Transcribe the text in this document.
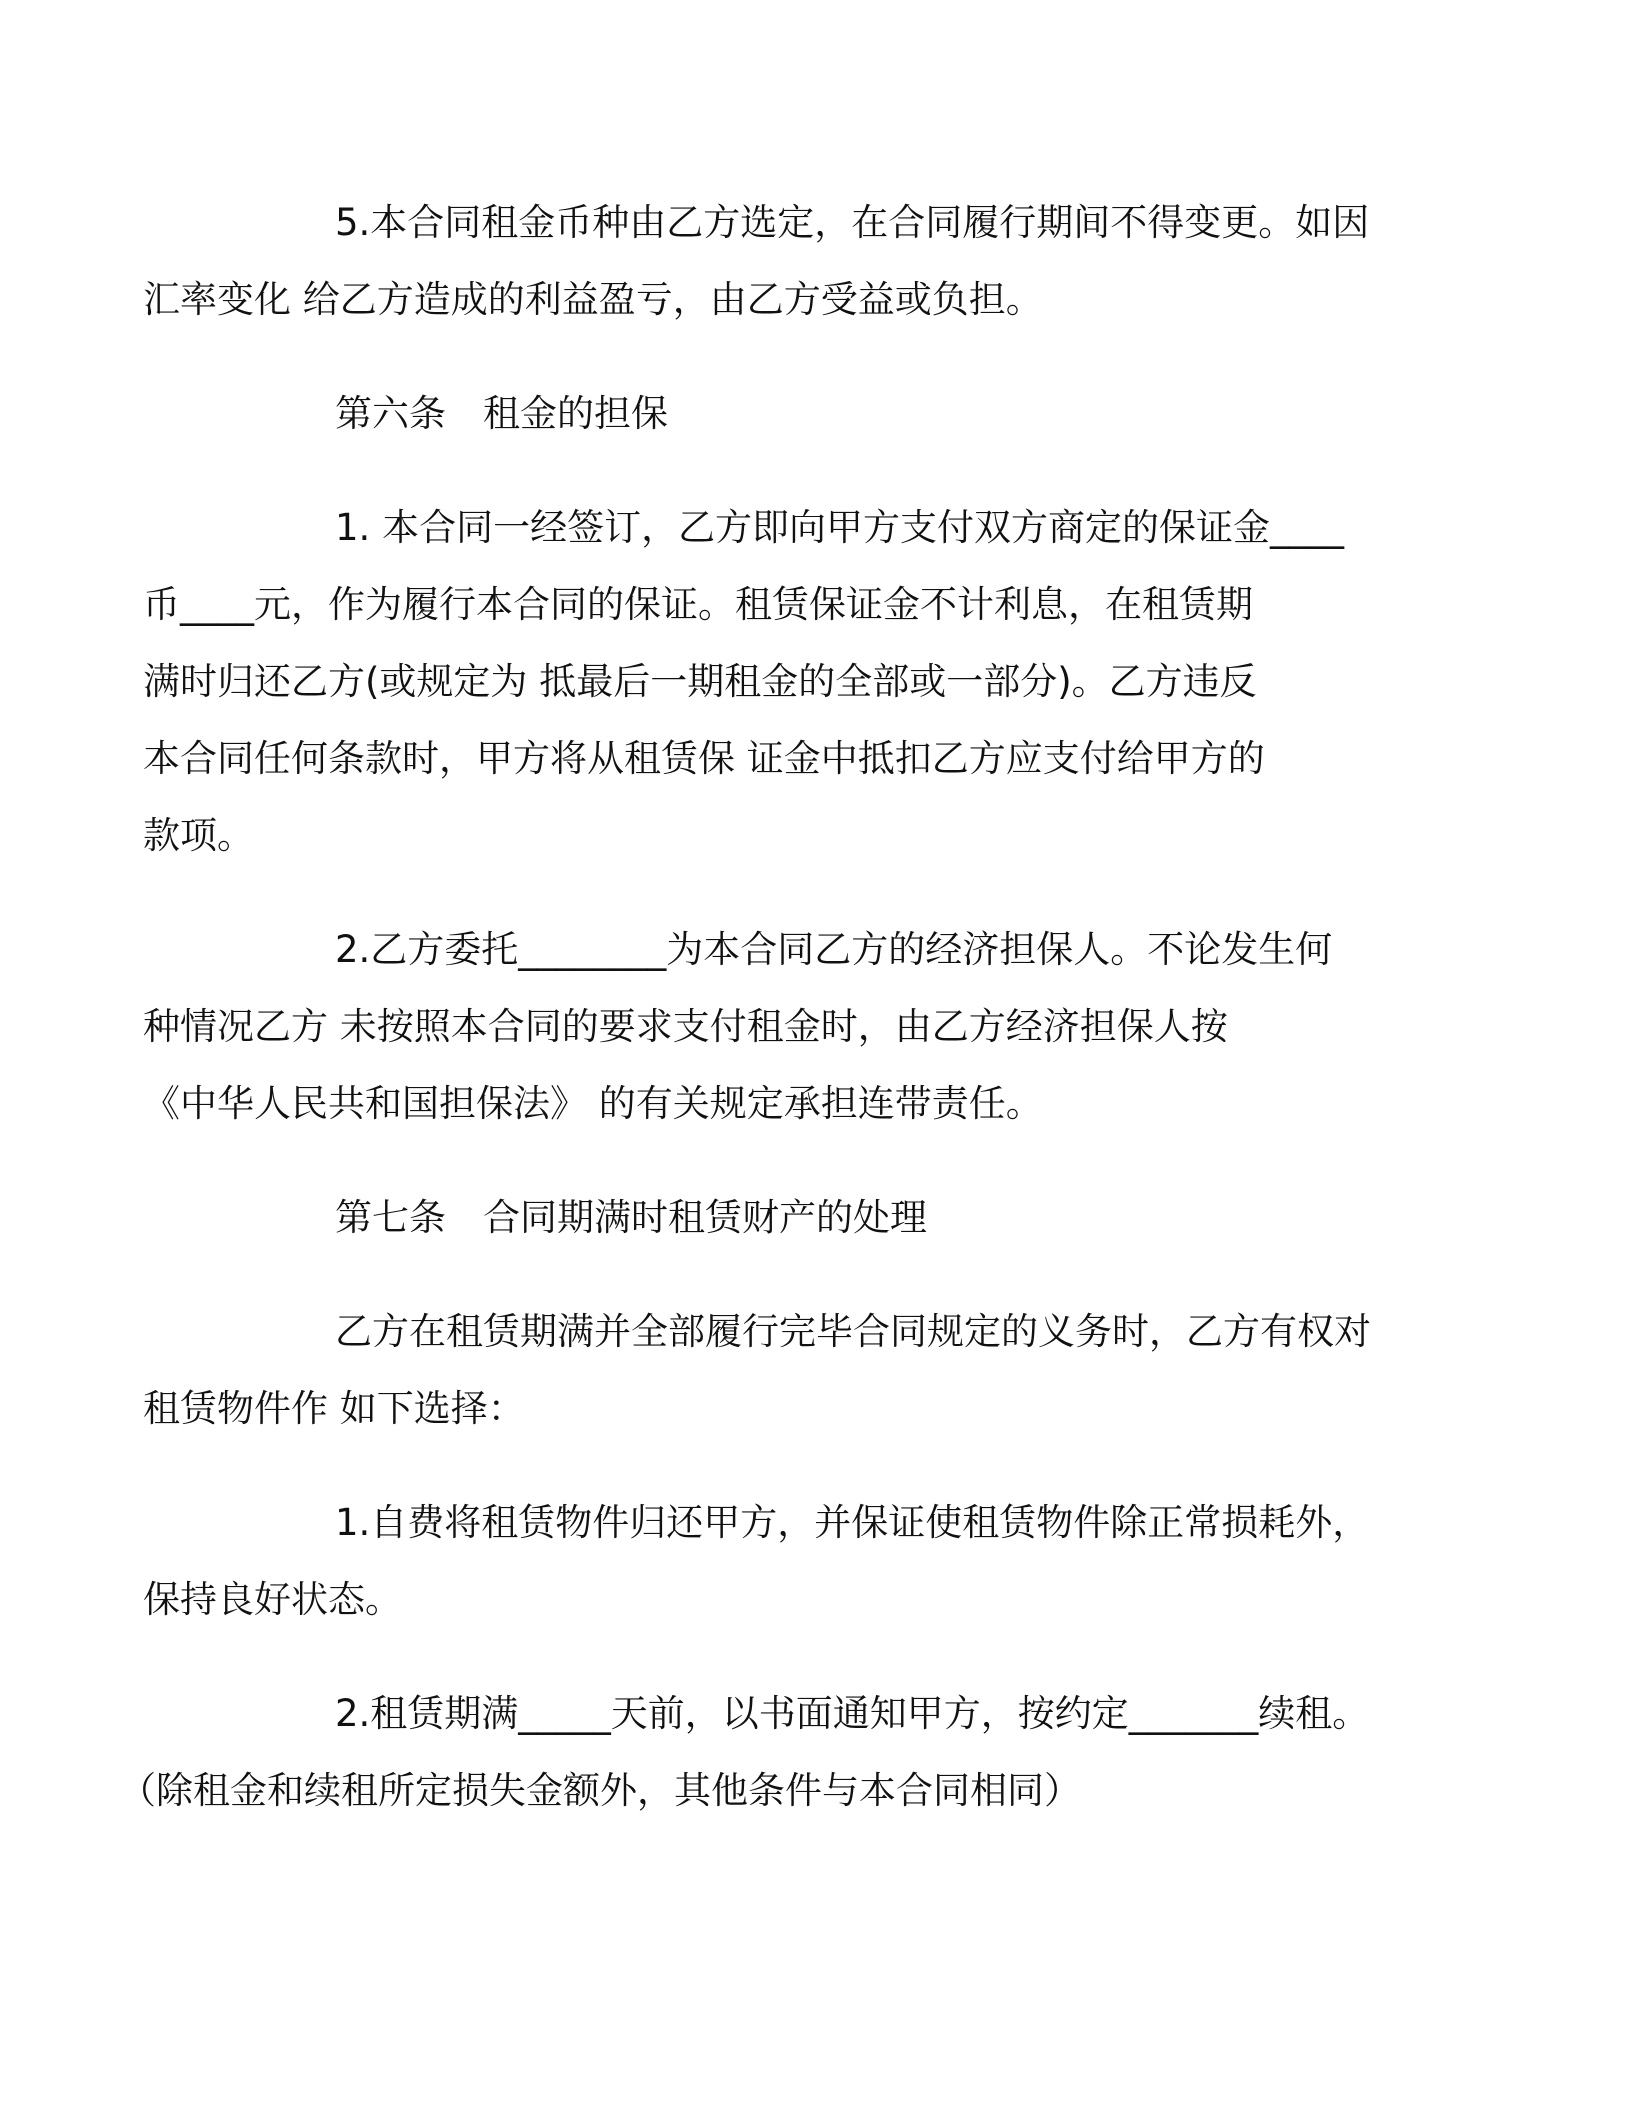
5.本合同租金币种由乙方选定，在合同履行期间不得变更。如因
汇率变化 给乙方造成的利益盈亏，由乙方受益或负担。

第六条　租金的担保

1. 本合同一经签订，乙方即向甲方支付双方商定的保证金____
币____元，作为履行本合同的保证。租赁保证金不计利息，在租赁期
满时归还乙方(或规定为 抵最后一期租金的全部或一部分)。乙方违反
本合同任何条款时，甲方将从租赁保 证金中抵扣乙方应支付给甲方的
款项。

2.乙方委托________为本合同乙方的经济担保人。不论发生何
种情况乙方 未按照本合同的要求支付租金时，由乙方经济担保人按
《中华人民共和国担保法》 的有关规定承担连带责任。

第七条　合同期满时租赁财产的处理

乙方在租赁期满并全部履行完毕合同规定的义务时，乙方有权对
租赁物件作 如下选择：

1.自费将租赁物件归还甲方，并保证使租赁物件除正常损耗外，
保持良好状态。

2.租赁期满_____天前，以书面通知甲方，按约定_______续租。
（除租金和续租所定损失金额外，其他条件与本合同相同）
